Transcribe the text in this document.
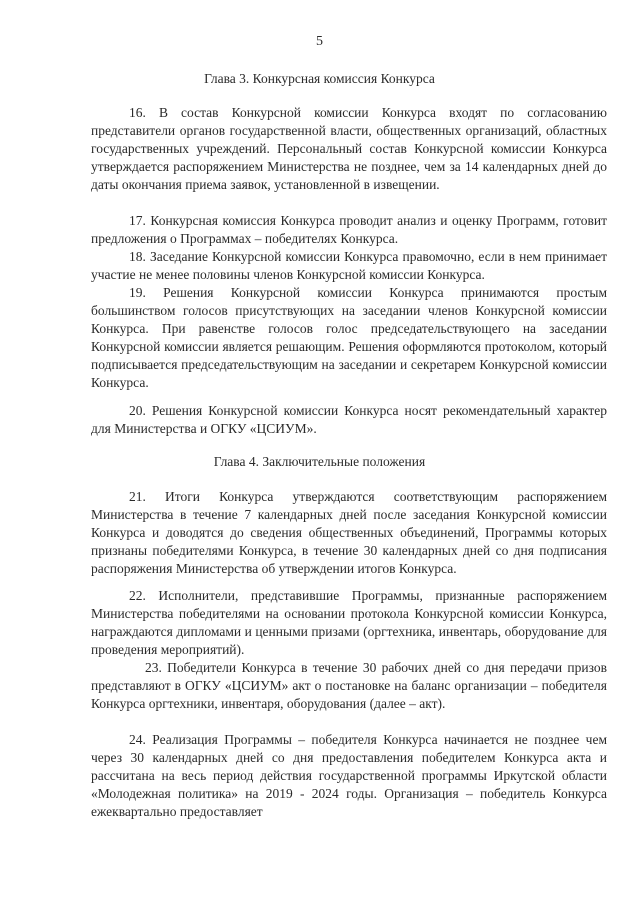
5
Глава 3. Конкурсная комиссия Конкурса

16. В состав Конкурсной комиссии Конкурса входят по согласованию представители органов государственной власти, общественных организаций, областных государственных учреждений. Персональный состав Конкурсной комиссии Конкурса утверждается распоряжением Министерства не позднее, чем за 14 календарных дней до даты окончания приема заявок, установленной в извещении.

17. Конкурсная комиссия Конкурса проводит анализ и оценку Программ, готовит предложения о Программах – победителях Конкурса.

18. Заседание Конкурсной комиссии Конкурса правомочно, если в нем принимает участие не менее половины членов Конкурсной комиссии Конкурса.

19. Решения Конкурсной комиссии Конкурса принимаются простым большинством голосов присутствующих на заседании членов Конкурсной комиссии Конкурса. При равенстве голосов голос председательствующего на заседании Конкурсной комиссии является решающим. Решения оформляются протоколом, который подписывается председательствующим на заседании и секретарем Конкурсной комиссии Конкурса.

20. Решения Конкурсной комиссии Конкурса носят рекомендательный характер для Министерства и ОГКУ «ЦСИУМ».

Глава 4. Заключительные положения

21. Итоги Конкурса утверждаются соответствующим распоряжением Министерства в течение 7 календарных дней после заседания Конкурсной комиссии Конкурса и доводятся до сведения общественных объединений, Программы которых признаны победителями Конкурса, в течение 30 календарных дней со дня подписания распоряжения Министерства об утверждении итогов Конкурса.

22. Исполнители, представившие Программы, признанные распоряжением Министерства победителями на основании протокола Конкурсной комиссии Конкурса, награждаются дипломами и ценными призами (оргтехника, инвентарь, оборудование для проведения мероприятий).

23. Победители Конкурса в течение 30 рабочих дней со дня передачи призов представляют в ОГКУ «ЦСИУМ» акт о постановке на баланс организации – победителя Конкурса оргтехники, инвентаря, оборудования (далее – акт).

24. Реализация Программы – победителя Конкурса начинается не позднее чем через 30 календарных дней со дня предоставления победителем Конкурса акта и рассчитана на весь период действия государственной программы Иркутской области «Молодежная политика» на 2019 - 2024 годы. Организация – победитель Конкурса ежеквартально предоставляет
